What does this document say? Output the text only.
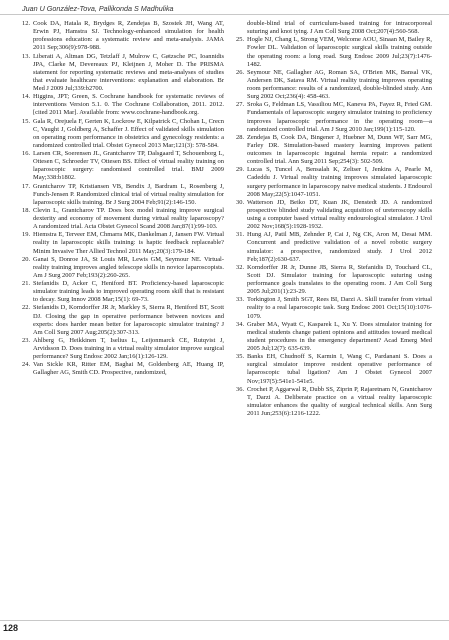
Juan U González-Tova, Pallikonda S Madhulika
12. Cook DA, Hatala R, Brydges R, Zendejas B, Szostek JH, Wang AT, Erwin PJ, Hamstra SJ. Technology-enhanced simulation for health professions education: a systematic review and meta-analysis. JAMA 2011 Sep;306(9):978-988.
13. Liberati A, Altman DG, Tetzlaff J, Mulrow C, Gøtzsche PC, Ioannidis JPA, Clarke M, Devereaux PJ, Kleijnen J, Moher D. The PRISMA statement for reporting systematic reviews and meta-analyses of studies that evaluate healthcare interventions: explanation and elaboration. Br Med J 2009 Jul;339:b2700.
14. Higgins, JPT; Green, S. Cochrane handbook for systematic reviews of interventions Version 5.1. 0. The Cochrane Collaboration, 2011. 2012. [cited 2011 Mar]. Available from: www.cochrane-handbook.org.
15. Gala R, Orejuela F, Gerten K, Lockrow E, Kilpatrick C, Chohan L, Crecn C, Vaught J, Goldberg A, Schaffer J. Effect of validated skills simulation on operating room performance in obstetrics and gynecology residents: a randomized controlled trial. Obstet Gynecol 2013 Mar;121(3): 578-584.
16. Larsen CR, Soerensen JL, Grantcharov TP, Dalsgaard T, Schouenborg L, Ottesen C, Schroeder TV, Ottesen BS. Effect of virtual reality training on laparoscopic surgery: randomised controlled trial. BMJ 2009 May;338:b1802.
17. Grantcharov TP, Kristiansen VB, Bendix J, Bardram L, Rosenberg J, Funch-Jensen P. Randomized clinical trial of virtual reality simulation for laparoscopic skills training. Br J Surg 2004 Feb;91(2):146-150.
18. Clevin L, Grantcharov TP. Does box model training improve surgical dexterity and economy of movement during virtual reality laparoscopy? A randomized trial. Acta Obstet Gynecol Scand 2008 Jan;87(1):99-103.
19. Hiemstra E, Terveer EM, Chmarra MK, Dankelman J, Jansen FW. Virtual reality in laparoscopic skills training: is haptic feedback replaceable? Minim Invasive Ther Allied Technol 2011 May;20(3):179-184.
20. Ganai S, Donroe JA, St Louis MR, Lewis GM, Seymour NE. Virtual-reality training improves angled telescope skills in novice laparoscopists. Am J Surg 2007 Feb;193(2):260-265.
21. Stefanidis D, Acker C, Heniford BT. Proficiency-based laparoscopic simulator training leads to improved operating room skill that is resistant to decay. Surg Innov 2008 Mar;15(1): 69-73.
22. Stefanidis D, Korndorffer JR Jr, Markley S, Sierra R, Heniford BT, Scott DJ. Closing the gap in operative performance between novices and experts: does harder mean better for laparoscopic simulator training? J Am Coll Surg 2007 Aug;205(2):307-313.
23. Ahlberg G, Heikkinen T, Iselius L, Leijonmarck CE, Rutqvist J, Arvidsson D. Does training in a virtual reality simulator improve surgical performance? Surg Endosc 2002 Jan;16(1):126-129.
24. Van Sickle KR, Ritter EM, Baghai M, Goldenberg AE, Huang IP, Gallagher AG, Smith CD. Prospective, randomized,
double-blind trial of curriculum-based training for intracorporeal suturing and knot tying. J Am Coll Surg 2008 Oct;207(4):560-568.
25. Hogle NJ, Chang L, Strong VEM, Welcome AOU, Sinaan M, Bailey R, Fowler DL. Validation of laparoscopic surgical skills training outside the operating room: a long road. Surg Endosc 2009 Jul;23(7):1476-1482.
26. Seymour NE, Gallagher AG, Roman SA, O'Brien MK, Bansal VK, Andersen DK, Satava RM. Virtual reality training improves operating room performance: results of a randomized, double-blinded study. Ann Surg 2002 Oct;236(4): 458-463.
27. Sroka G, Feldman LS, Vassiliou MC, Kaneva PA, Fayez R, Fried GM. Fundamentals of laparoscopic surgery simulator training to proficiency improves laparoscopic performance in the operating room—a randomized controlled trial. Am J Surg 2010 Jan;199(1):115-120.
28. Zendejas B, Cook DA, Bingener J, Huebner M, Dunn WF, Sarr MG, Farley DR. Simulation-based mastery learning improves patient outcomes in laparoscopic inguinal hernia repair: a randomized controlled trial. Ann Surg 2011 Sep;254(3): 502-509.
29. Lucas S, Tuncel A, Bensalah K, Zeltser I, Jenkins A, Pearle M, Cadeddu J. Virtual reality training improves simulated laparoscopic surgery performance in laparoscopy naive medical students. J Endourol 2008 May;22(5):1047-1051.
30. Watterson JD, Beiko DT, Kuan JK, Denstedt JD. A randomized prospective blinded study validating acquisition of ureteroscopy skills using a computer based virtual reality endourological simulator. J Urol 2002 Nov;168(5):1928-1932.
31. Hung AJ, Patil MB, Zehnder P, Cai J, Ng CK, Aron M, Desai MM. Concurrent and predictive validation of a novel robotic surgery simulator: a prospective, randomized study. J Urol 2012 Feb;187(2):630-637.
32. Korndorffer JR Jr, Dunne JB, Sierra R, Stefanidis D, Touchard CL, Scott DJ. Simulator training for laparoscopic suturing using performance goals translates to the operating room. J Am Coll Surg 2005 Jul;201(1):23-29.
33. Torkington J, Smith SGT, Rees BI, Darzi A. Skill transfer from virtual reality to a real laparoscopic task. Surg Endosc 2001 Oct;15(10):1076-1079.
34. Graber MA, Wyatt C, Kasparek L, Xu Y. Does simulator training for medical students change patient opinions and attitudes toward medical student procedures in the emergency department? Acad Emerg Med 2005 Jul;12(7): 635-639.
35. Banks EH, Chudnoff S, Karmin I, Wang C, Pardanani S. Does a surgical simulator improve resident operative performance of laparoscopic tubal ligation? Am J Obstet Gynecol 2007 Nov;197(5):541e1-541e5.
36. Crochet P, Aggarwal R, Dubb SS, Ziprin P, Rajaretnam N, Grantcharov T, Darzi A. Deliberate practice on a virtual reality laparoscopic simulator enhances the quality of surgical technical skills. Ann Surg 2011 Jun;253(6):1216-1222.
128
